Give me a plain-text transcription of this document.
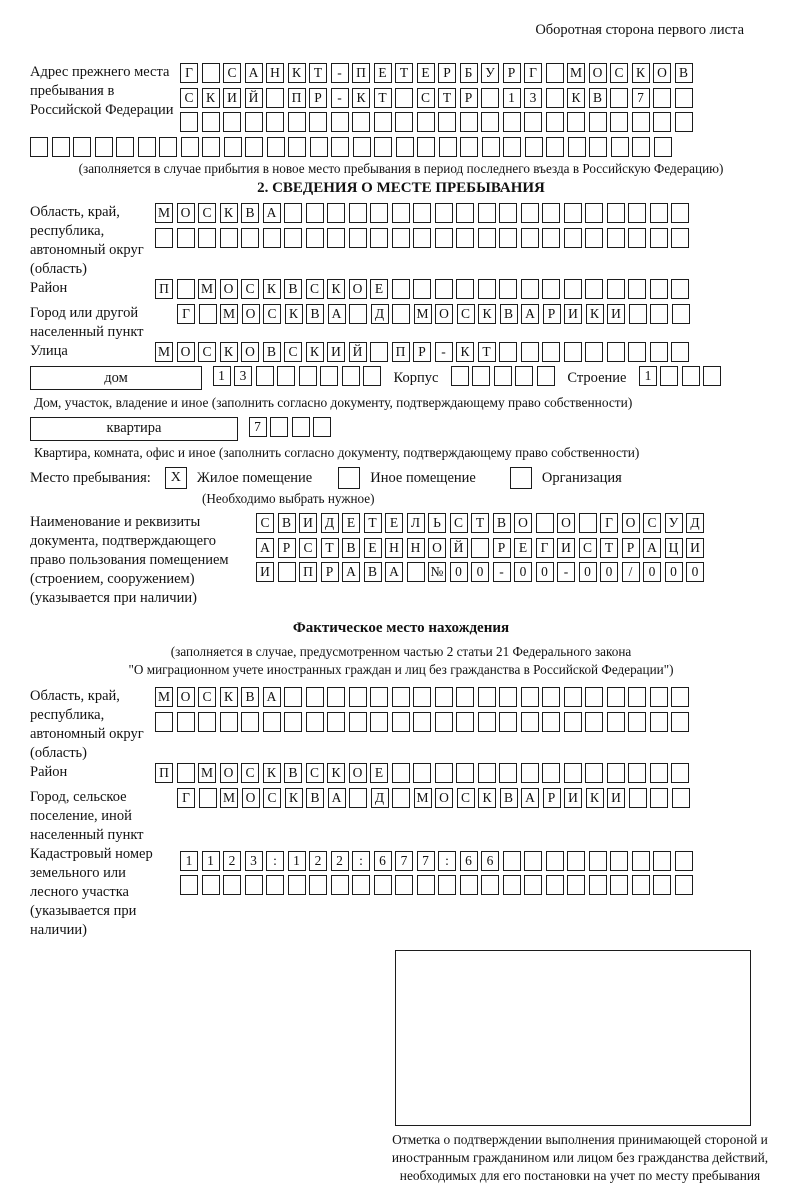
Оборотная сторона первого листа
Адрес прежнего места пребывания в Российской Федерации
Г	С А Н К Т	-	П Е Т Е	Р	Б У Р	Г	М О С К О В
С К И Й	П Р	-	К Т	С Т	Р	1	3	К В	7
(заполняется в случае прибытия в новое место пребывания в период последнего въезда в Российскую Федерацию)
2. СВЕДЕНИЯ О МЕСТЕ ПРЕБЫВАНИЯ
Область, край, республика, автономный округ (область)
М О С К В А
Район	П	М О С К В С К О Е
Город или другой населенный пункт
Г	М О С К В А	Д	М О С К В А Р И К И
Улица	М О С К О В С К И Й	П Р	-	К Т
дом	1	3	Корпус	Строение	1
Дом, участок, владение и иное (заполнить согласно документу, подтверждающему право собственности)
квартира	7
Квартира, комната, офис и иное (заполнить согласно документу, подтверждающему право собственности)
Место пребывания:	X	Жилое помещение	Иное помещение	Организация
(Необходимо выбрать нужное)
Наименование и реквизиты документа, подтверждающего право пользования помещением (строением, сооружением) (указывается при наличии)
С В И Д Е Т Е Л Ь С Т В О	О	Г О С У Д
А Р С Т В Е Н Н О Й	Р	Е Г И С Т	Р А Ц И
И	П Р А В А	№ 0	0	-	0	0	-	0	0	/	0	0	0
Фактическое место нахождения
(заполняется в случае, предусмотренном частью 2 статьи 21 Федерального закона
"О миграционном учете иностранных граждан и лиц без гражданства в Российской Федерации")
Область, край, республика, автономный округ (область)
М О С К В А
Район	П	М О С К В С К О Е
Город, сельское поселение, иной населенный пункт
Г	М О С К В А	Д	М О С К В А Р И К И
Кадастровый номер земельного или лесного участка (указывается при наличии)
1	1	2	3	:	1	2	2	:	6	7	7	:	6	6
Отметка о подтверждении выполнения принимающей стороной и иностранным гражданином или лицом без гражданства действий, необходимых для его постановки на учет по месту пребывания
